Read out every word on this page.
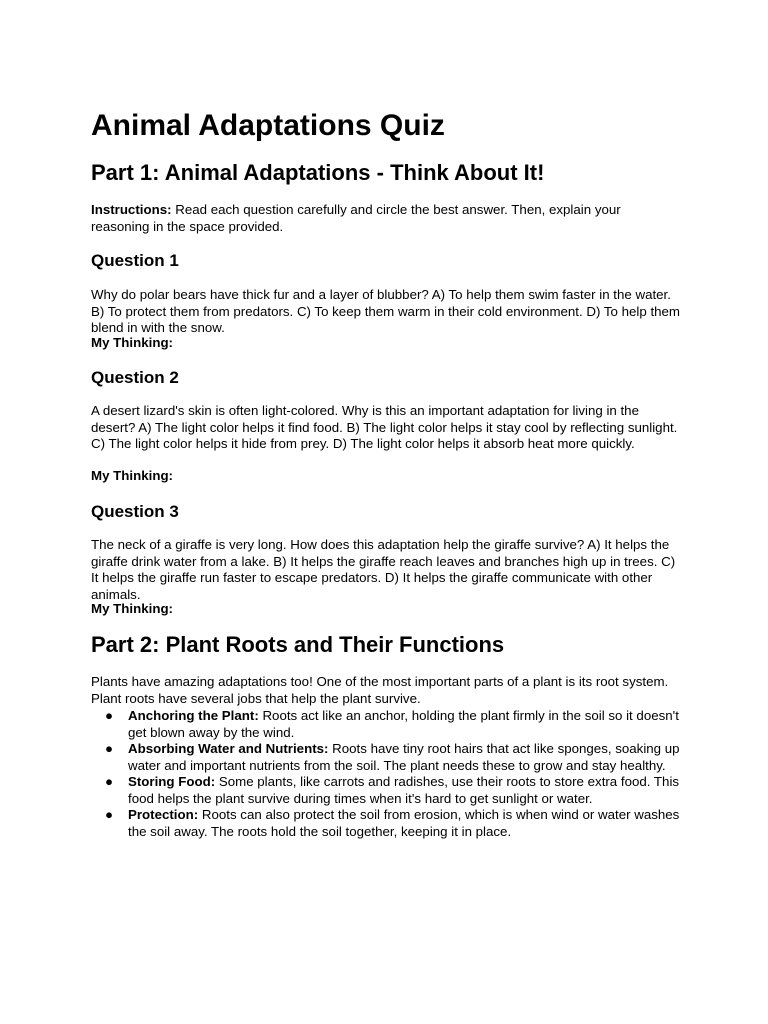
Animal Adaptations Quiz
Part 1: Animal Adaptations - Think About It!

Instructions: Read each question carefully and circle the best answer. Then, explain your reasoning in the space provided.

Question 1

Why do polar bears have thick fur and a layer of blubber? A) To help them swim faster in the water. B) To protect them from predators. C) To keep them warm in their cold environment. D) To help them blend in with the snow.

My Thinking:

Question 2

A desert lizard's skin is often light-colored. Why is this an important adaptation for living in the desert? A) The light color helps it find food. B) The light color helps it stay cool by reflecting sunlight. C) The light color helps it hide from prey. D) The light color helps it absorb heat more quickly.

My Thinking:

Question 3

The neck of a giraffe is very long. How does this adaptation help the giraffe survive? A) It helps the giraffe drink water from a lake. B) It helps the giraffe reach leaves and branches high up in trees. C) It helps the giraffe run faster to escape predators. D) It helps the giraffe communicate with other animals.

My Thinking:

Part 2: Plant Roots and Their Functions

Plants have amazing adaptations too! One of the most important parts of a plant is its root system. Plant roots have several jobs that help the plant survive.

● Anchoring the Plant: Roots act like an anchor, holding the plant firmly in the soil so it doesn't get blown away by the wind.
● Absorbing Water and Nutrients: Roots have tiny root hairs that act like sponges, soaking up water and important nutrients from the soil. The plant needs these to grow and stay healthy.
● Storing Food: Some plants, like carrots and radishes, use their roots to store extra food. This food helps the plant survive during times when it's hard to get sunlight or water.
● Protection: Roots can also protect the soil from erosion, which is when wind or water washes the soil away. The roots hold the soil together, keeping it in place.
